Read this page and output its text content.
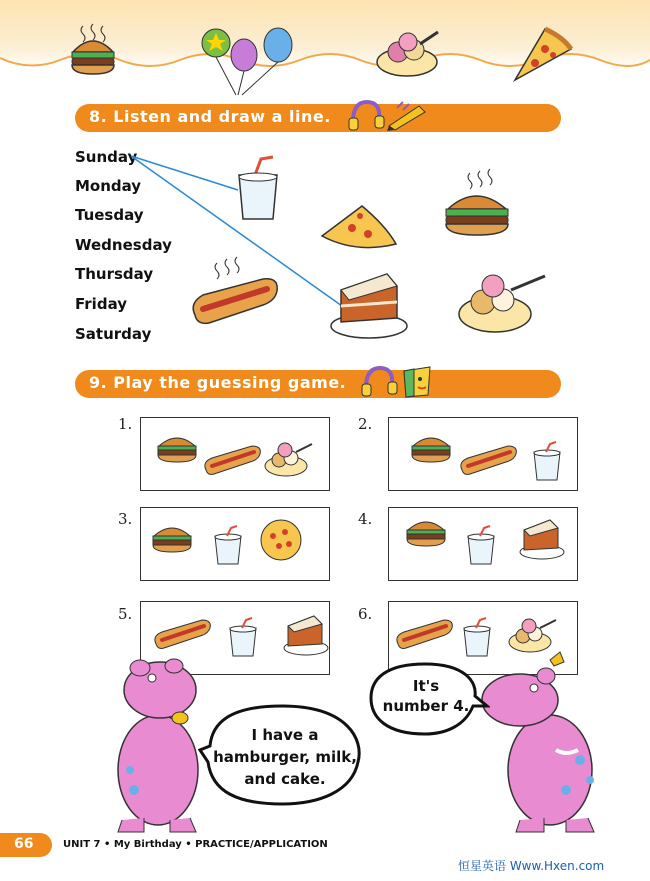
8. Listen and draw a line.
Sunday
Monday
Tuesday
Wednesday
Thursday
Friday
Saturday
9. Play the guessing game.
1.	2.
3.	4.
5.	6.
I have a
hamburger, milk,
and cake.
It's
number 4.
66	UNIT 7 • My Birthday • PRACTICE/APPLICATION
恒星英语 Www.Hxen.com
